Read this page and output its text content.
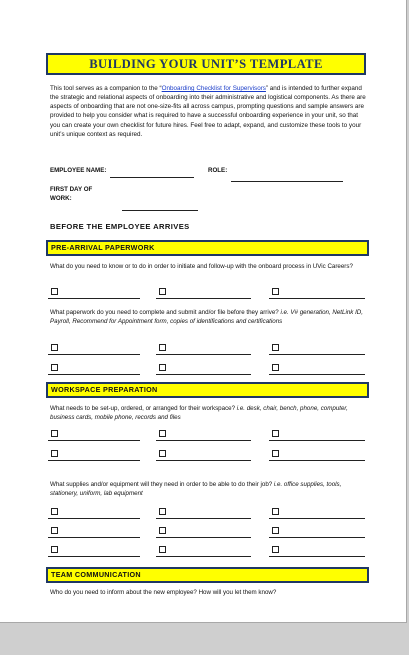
BUILDING YOUR UNIT’S TEMPLATE
This tool serves as a companion to the “Onboarding Checklist for Supervisors” and is intended to further expand the strategic and relational aspects of onboarding into their administrative and logistical components. As there are aspects of onboarding that are not one-size-fits all across campus, prompting questions and sample answers are provided to help you consider what is required to have a successful onboarding experience in your unit, so that you can create your own checklist for future hires. Feel free to adapt, expand, and customize these tools to your unit’s unique context as required.
EMPLOYEE NAME:	ROLE:
FIRST DAY OF
WORK:
BEFORE THE EMPLOYEE ARRIVES
PRE-ARRIVAL PAPERWORK
What do you need to know or to do in order to initiate and follow-up with the onboard process in UVic Careers?
What paperwork do you need to complete and submit and/or file before they arrive? i.e. V# generation, NetLink ID, Payroll, Recommend for Appointment form, copies of identifications and certifications
WORKSPACE PREPARATION
What needs to be set-up, ordered, or arranged for their workspace? i.e. desk, chair, bench, phone, computer, business cards, mobile phone, records and files
What supplies and/or equipment will they need in order to be able to do their job? i.e. office supplies, tools, stationery, uniform, lab equipment
TEAM COMMUNICATION
Who do you need to inform about the new employee? How will you let them know?
